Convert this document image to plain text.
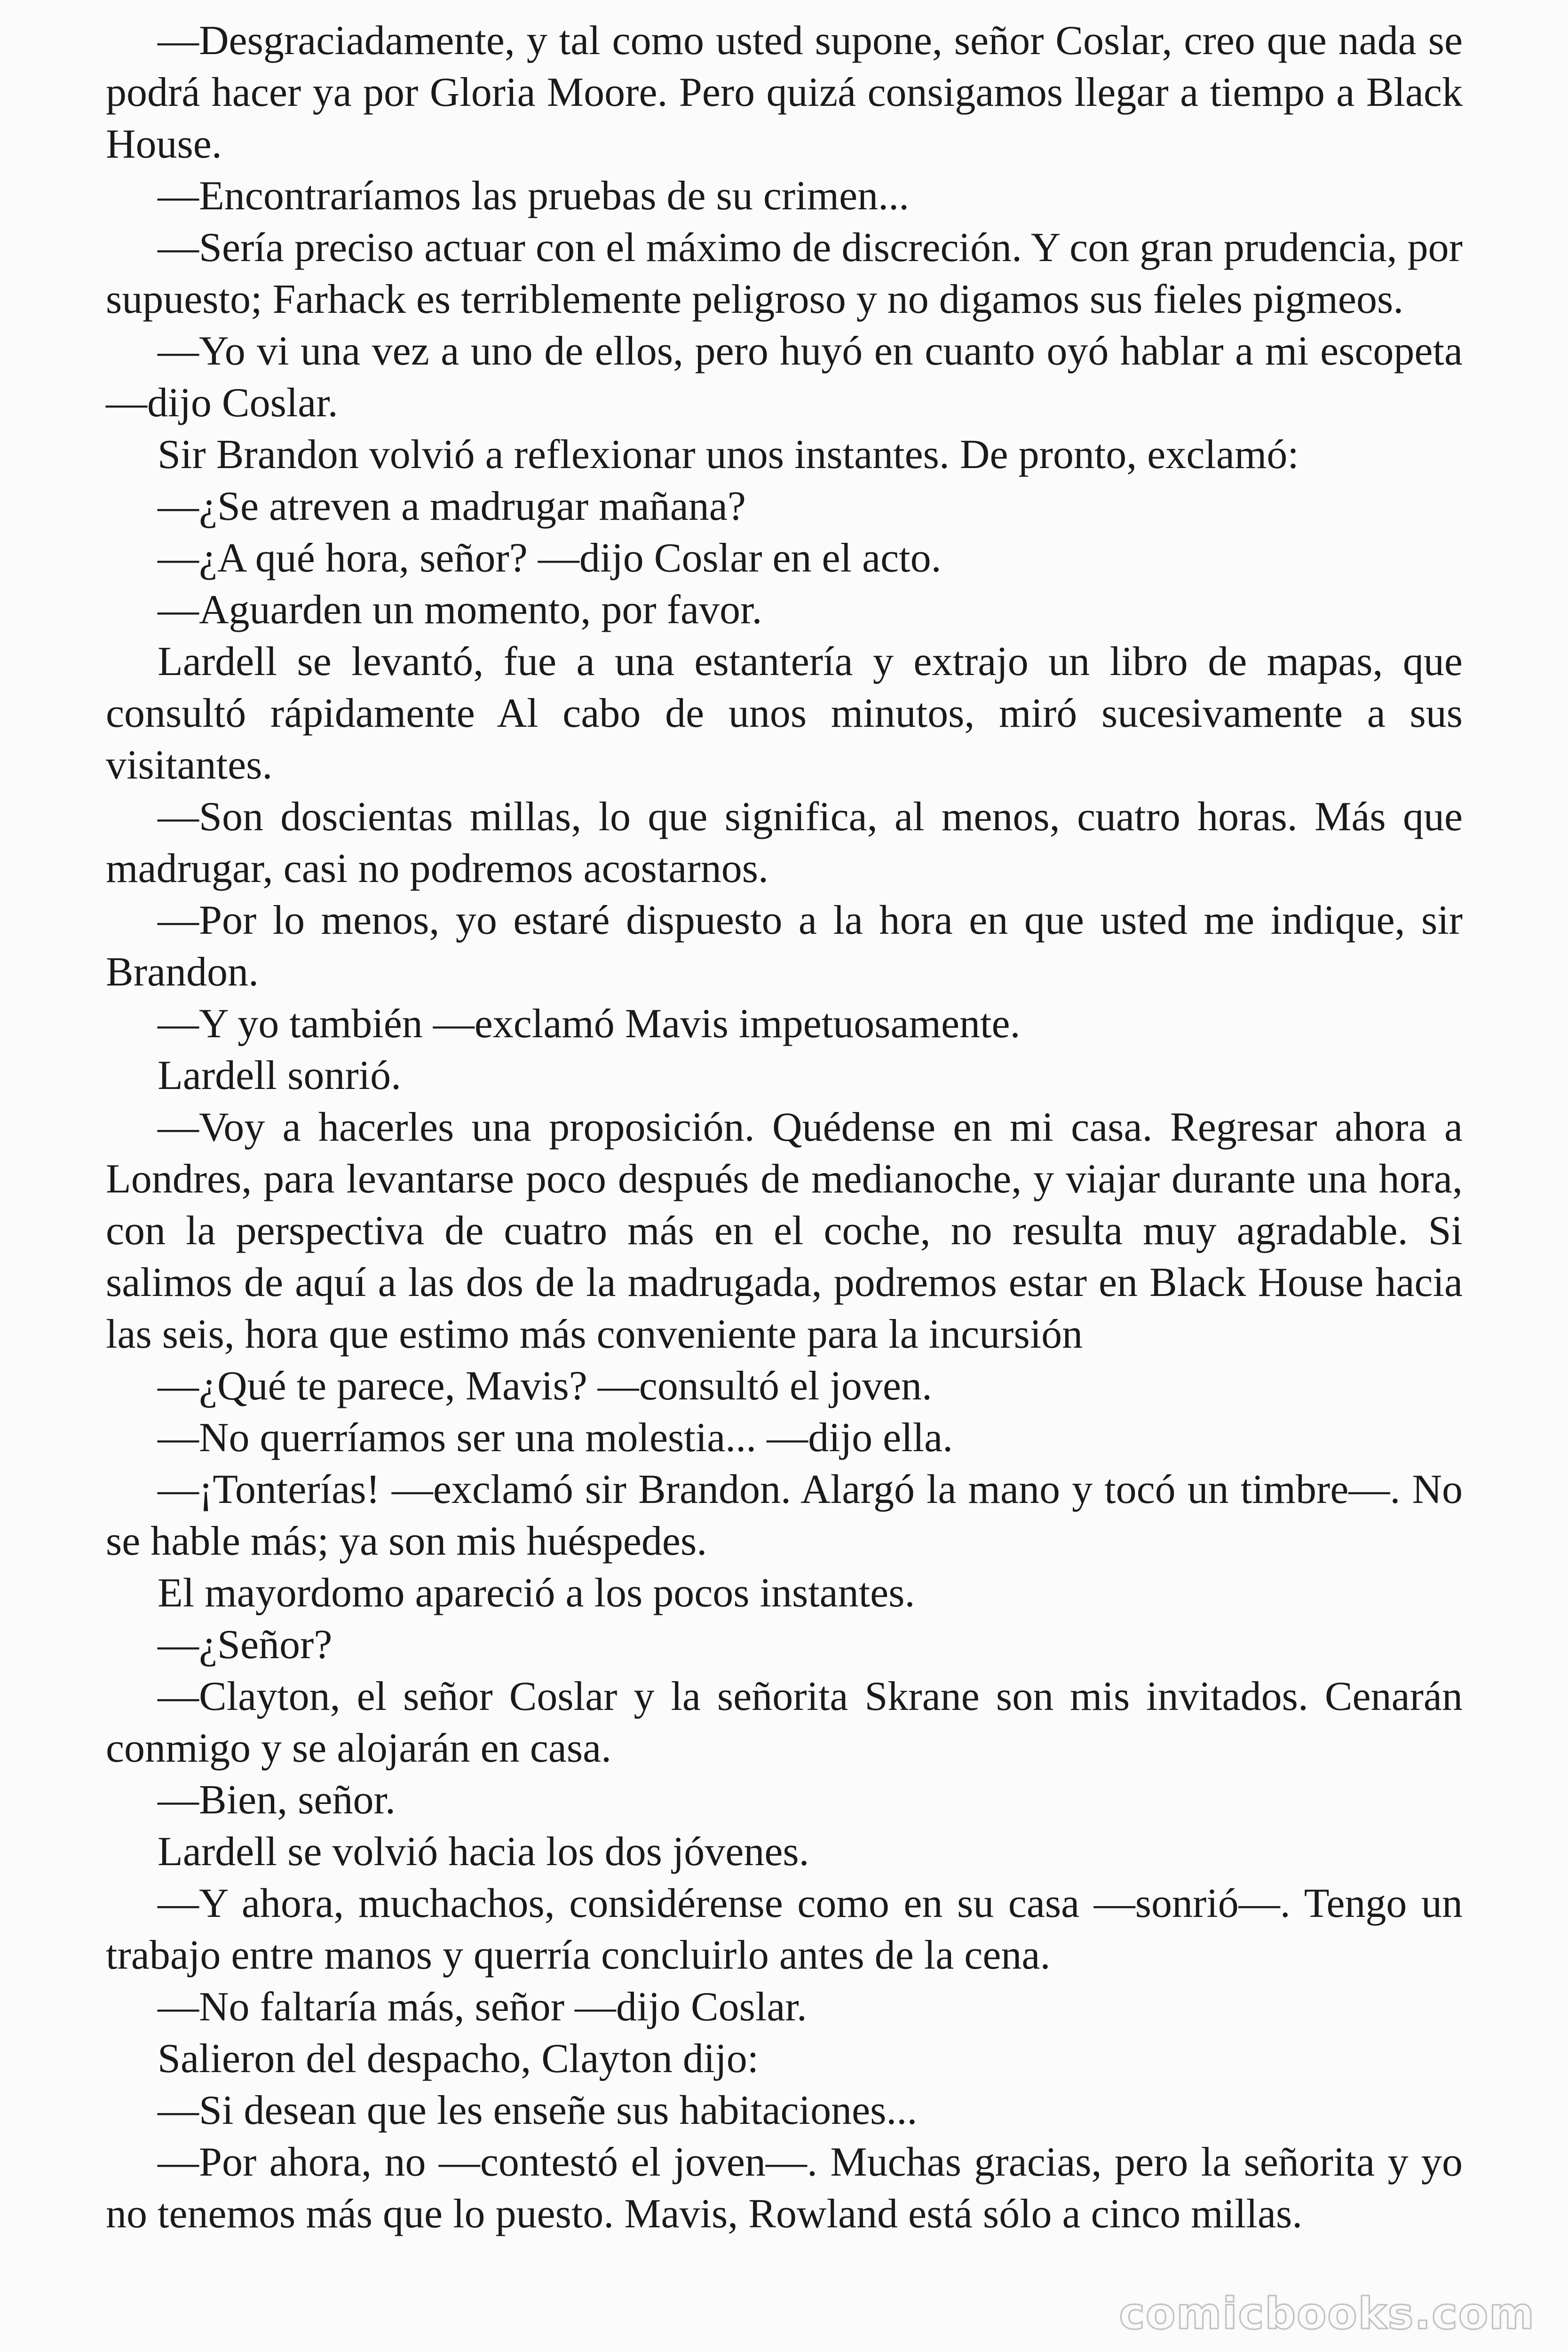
—Desgraciadamente, y tal como usted supone, señor Coslar, creo que nada se podrá hacer ya por Gloria Moore. Pero quizá consigamos llegar a tiempo a Black House.

—Encontraríamos las pruebas de su crimen...

—Sería preciso actuar con el máximo de discreción. Y con gran prudencia, por supuesto; Farhack es terriblemente peligroso y no digamos sus fieles pigmeos.

—Yo vi una vez a uno de ellos, pero huyó en cuanto oyó hablar a mi escopeta —dijo Coslar.

Sir Brandon volvió a reflexionar unos instantes. De pronto, exclamó:

—¿Se atreven a madrugar mañana?

—¿A qué hora, señor? —dijo Coslar en el acto.

—Aguarden un momento, por favor.

Lardell se levantó, fue a una estantería y extrajo un libro de mapas, que consultó rápidamente Al cabo de unos minutos, miró sucesivamente a sus visitantes.

—Son doscientas millas, lo que significa, al menos, cuatro horas. Más que madrugar, casi no podremos acostarnos.

—Por lo menos, yo estaré dispuesto a la hora en que usted me indique, sir Brandon.

—Y yo también —exclamó Mavis impetuosamente.

Lardell sonrió.

—Voy a hacerles una proposición. Quédense en mi casa. Regresar ahora a Londres, para levantarse poco después de medianoche, y viajar durante una hora, con la perspectiva de cuatro más en el coche, no resulta muy agradable. Si salimos de aquí a las dos de la madrugada, podremos estar en Black House hacia las seis, hora que estimo más conveniente para la incursión

—¿Qué te parece, Mavis? —consultó el joven.

—No querríamos ser una molestia... —dijo ella.

—¡Tonterías! —exclamó sir Brandon. Alargó la mano y tocó un timbre—. No se hable más; ya son mis huéspedes.

El mayordomo apareció a los pocos instantes.

—¿Señor?

—Clayton, el señor Coslar y la señorita Skrane son mis invitados. Cenarán conmigo y se alojarán en casa.

—Bien, señor.

Lardell se volvió hacia los dos jóvenes.

—Y ahora, muchachos, considérense como en su casa —sonrió—. Tengo un trabajo entre manos y querría concluirlo antes de la cena.

—No faltaría más, señor —dijo Coslar.

Salieron del despacho, Clayton dijo:

—Si desean que les enseñe sus habitaciones...

—Por ahora, no —contestó el joven—. Muchas gracias, pero la señorita y yo no tenemos más que lo puesto. Mavis, Rowland está sólo a cinco millas.

comicbooks.com
